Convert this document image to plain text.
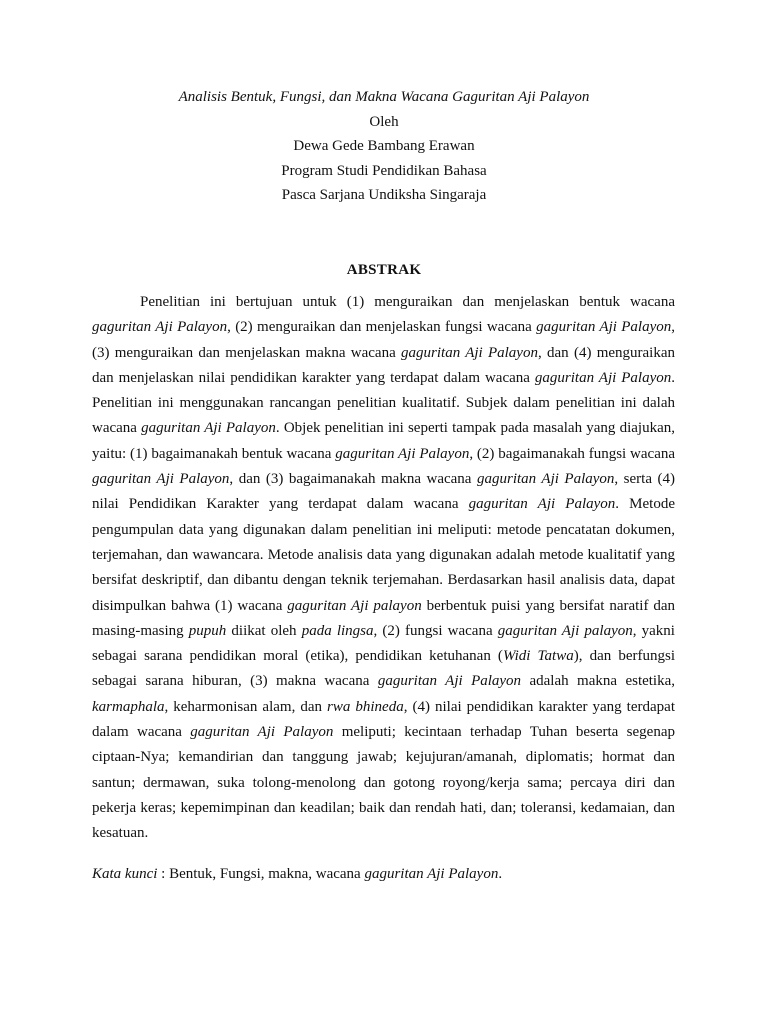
Analisis Bentuk, Fungsi, dan Makna Wacana Gaguritan Aji Palayon
Oleh
Dewa Gede Bambang Erawan
Program Studi Pendidikan Bahasa
Pasca Sarjana Undiksha Singaraja
ABSTRAK

Penelitian ini bertujuan untuk (1) menguraikan dan menjelaskan bentuk wacana gaguritan Aji Palayon, (2) menguraikan dan menjelaskan fungsi wacana gaguritan Aji Palayon, (3) menguraikan dan menjelaskan makna wacana gaguritan Aji Palayon, dan (4) menguraikan dan menjelaskan nilai pendidikan karakter yang terdapat dalam wacana gaguritan Aji Palayon. Penelitian ini menggunakan rancangan penelitian kualitatif. Subjek dalam penelitian ini dalah wacana gaguritan Aji Palayon. Objek penelitian ini seperti tampak pada masalah yang diajukan, yaitu: (1) bagaimanakah bentuk wacana gaguritan Aji Palayon, (2) bagaimanakah fungsi wacana gaguritan Aji Palayon, dan (3) bagaimanakah makna wacana gaguritan Aji Palayon, serta (4) nilai Pendidikan Karakter yang terdapat dalam wacana gaguritan Aji Palayon. Metode pengumpulan data yang digunakan dalam penelitian ini meliputi: metode pencatatan dokumen, terjemahan, dan wawancara. Metode analisis data yang digunakan adalah metode kualitatif yang bersifat deskriptif, dan dibantu dengan teknik terjemahan. Berdasarkan hasil analisis data, dapat disimpulkan bahwa (1) wacana gaguritan Aji palayon berbentuk puisi yang bersifat naratif dan masing-masing pupuh diikat oleh pada lingsa, (2) fungsi wacana gaguritan Aji palayon, yakni sebagai sarana pendidikan moral (etika), pendidikan ketuhanan (Widi Tatwa), dan berfungsi sebagai sarana hiburan, (3) makna wacana gaguritan Aji Palayon adalah makna estetika, karmaphala, keharmonisan alam, dan rwa bhineda, (4) nilai pendidikan karakter yang terdapat dalam wacana gaguritan Aji Palayon meliputi; kecintaan terhadap Tuhan beserta segenap ciptaan-Nya; kemandirian dan tanggung jawab; kejujuran/amanah, diplomatis; hormat dan santun; dermawan, suka tolong-menolong dan gotong royong/kerja sama; percaya diri dan pekerja keras; kepemimpinan dan keadilan; baik dan rendah hati, dan; toleransi, kedamaian, dan kesatuan.

Kata kunci : Bentuk, Fungsi, makna, wacana gaguritan Aji Palayon.
